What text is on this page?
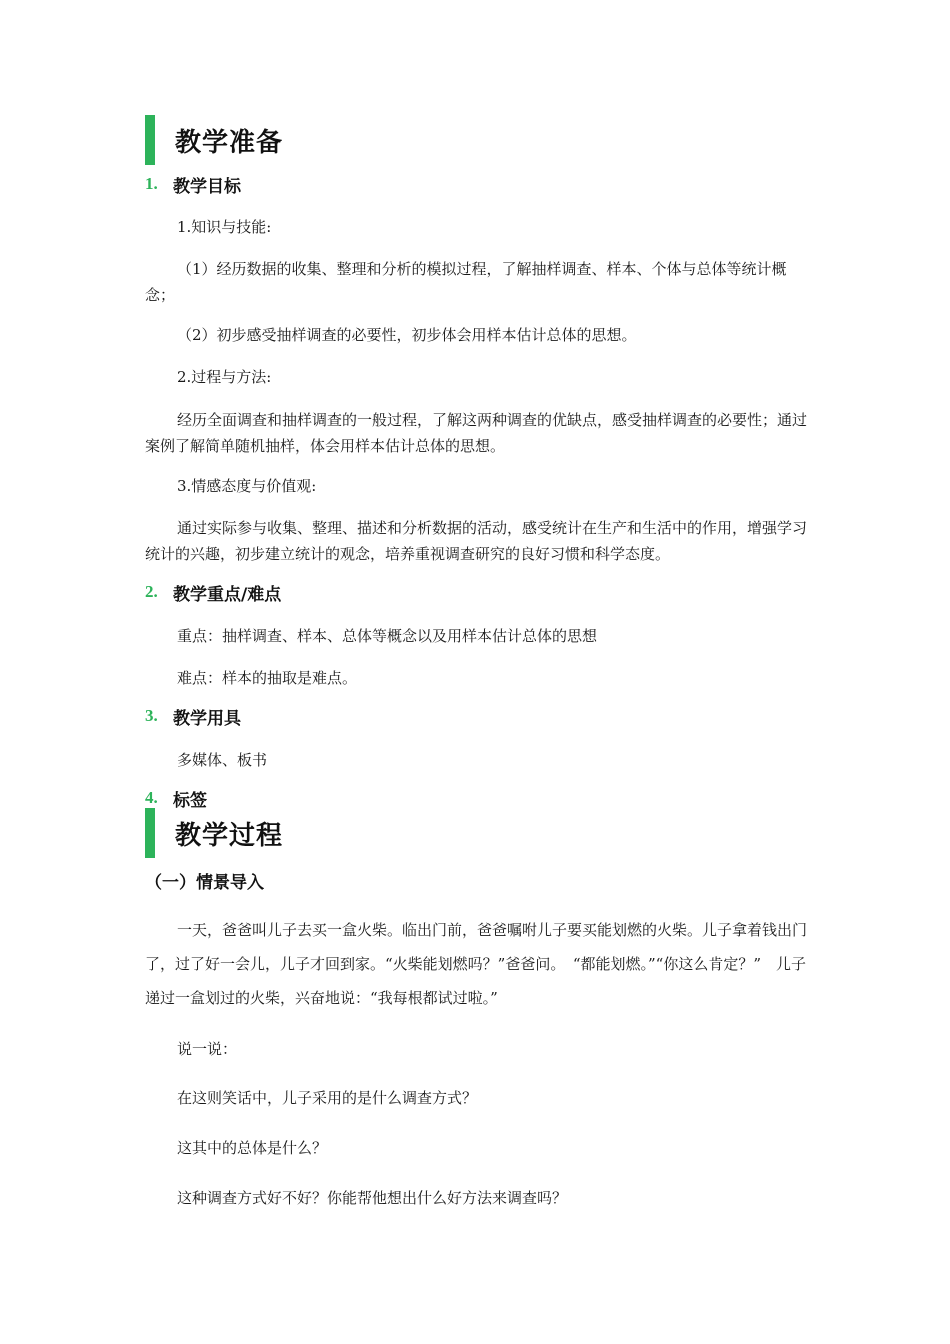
教学准备
1. 教学目标

1.知识与技能:

（1）经历数据的收集、整理和分析的模拟过程，了解抽样调查、样本、个体与总体等统计概念；

（2）初步感受抽样调查的必要性，初步体会用样本估计总体的思想。

2.过程与方法:

经历全面调查和抽样调查的一般过程，了解这两种调查的优缺点，感受抽样调查的必要性；通过案例了解简单随机抽样，体会用样本估计总体的思想。

3.情感态度与价值观:

通过实际参与收集、整理、描述和分析数据的活动，感受统计在生产和生活中的作用，增强学习统计的兴趣，初步建立统计的观念，培养重视调查研究的良好习惯和科学态度。

2. 教学重点/难点

重点：抽样调查、样本、总体等概念以及用样本估计总体的思想

难点：样本的抽取是难点。

3. 教学用具

多媒体、板书

4. 标签
教学过程
（一）情景导入

一天，爸爸叫儿子去买一盒火柴。临出门前，爸爸嘱咐儿子要买能划燃的火柴。儿子拿着钱出门了，过了好一会儿，儿子才回到家。“火柴能划燃吗？”爸爸问。　“都能划燃。”“你这么肯定？”　儿子递过一盒划过的火柴，兴奋地说：“我每根都试过啦。”

说一说：

在这则笑话中，儿子采用的是什么调查方式？

这其中的总体是什么？

这种调查方式好不好？你能帮他想出什么好方法来调查吗？
